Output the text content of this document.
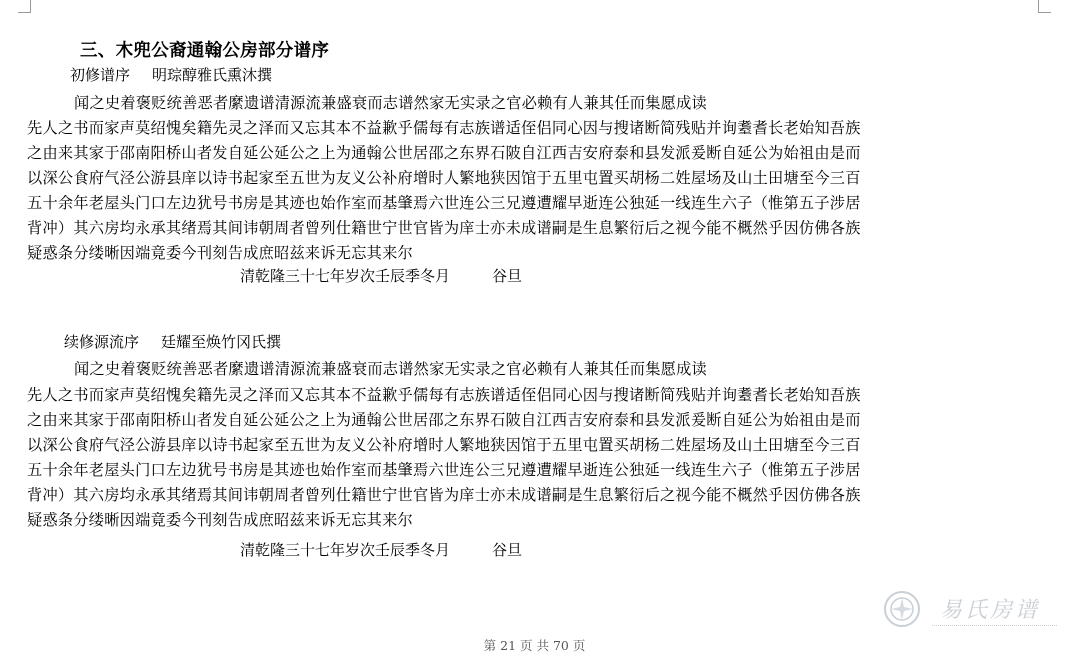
三、木兜公裔通翰公房部分谱序
初修谱序 明琮醇雅氏熏沐撰
闻之史着褒贬统善恶者縻遗谱清源流兼盛衰而志谱然家无实录之官必赖有人兼其任而集愿成读
先人之书而家声莫绍愧矣籍先灵之泽而又忘其本不益歉乎儒每有志族谱适侄侣同心因与搜诸断简残贴并询耋耆长老始知吾族
之由来其家于邵南阳桥山者发自延公延公之上为通翰公世居邵之东界石陂自江西吉安府泰和县发派爰断自延公为始祖由是而
以深公食府气泾公游县庠以诗书起家至五世为友义公补府增时人繁地狭因馆于五里屯置买胡杨二姓屋场及山土田塘至今三百
五十余年老屋头门口左边犹号书房是其迹也始作室而基肇焉六世连公三兄遵遭耀早逝连公独延一线连生六子（惟第五子涉居
背冲）其六房均永承其绪焉其间讳朝周者曾列仕籍世宁世官皆为庠士亦未成谱嗣是生息繁衍后之视今能不概然乎因仿佛各族
疑惑条分缕晰因端竟委今刊刻告成庶昭兹来诉无忘其来尔
清乾隆三十七年岁次壬辰季冬月	谷旦
续修源流序 廷耀至焕竹冈氏撰
闻之史着褒贬统善恶者縻遗谱清源流兼盛衰而志谱然家无实录之官必赖有人兼其任而集愿成读
先人之书而家声莫绍愧矣籍先灵之泽而又忘其本不益歉乎儒每有志族谱适侄侣同心因与搜诸断简残贴并询耋耆长老始知吾族
之由来其家于邵南阳桥山者发自延公延公之上为通翰公世居邵之东界石陂自江西吉安府泰和县发派爰断自延公为始祖由是而
以深公食府气泾公游县庠以诗书起家至五世为友义公补府增时人繁地狭因馆于五里屯置买胡杨二姓屋场及山土田塘至今三百
五十余年老屋头门口左边犹号书房是其迹也始作室而基肇焉六世连公三兄遵遭耀早逝连公独延一线连生六子（惟第五子涉居
背冲）其六房均永承其绪焉其间讳朝周者曾列仕籍世宁世官皆为庠士亦未成谱嗣是生息繁衍后之视今能不概然乎因仿佛各族
疑惑条分缕晰因端竟委今刊刻告成庶昭兹来诉无忘其来尔
清乾隆三十七年岁次壬辰季冬月	谷旦
易氏房谱
第 21 页 共 70 页
